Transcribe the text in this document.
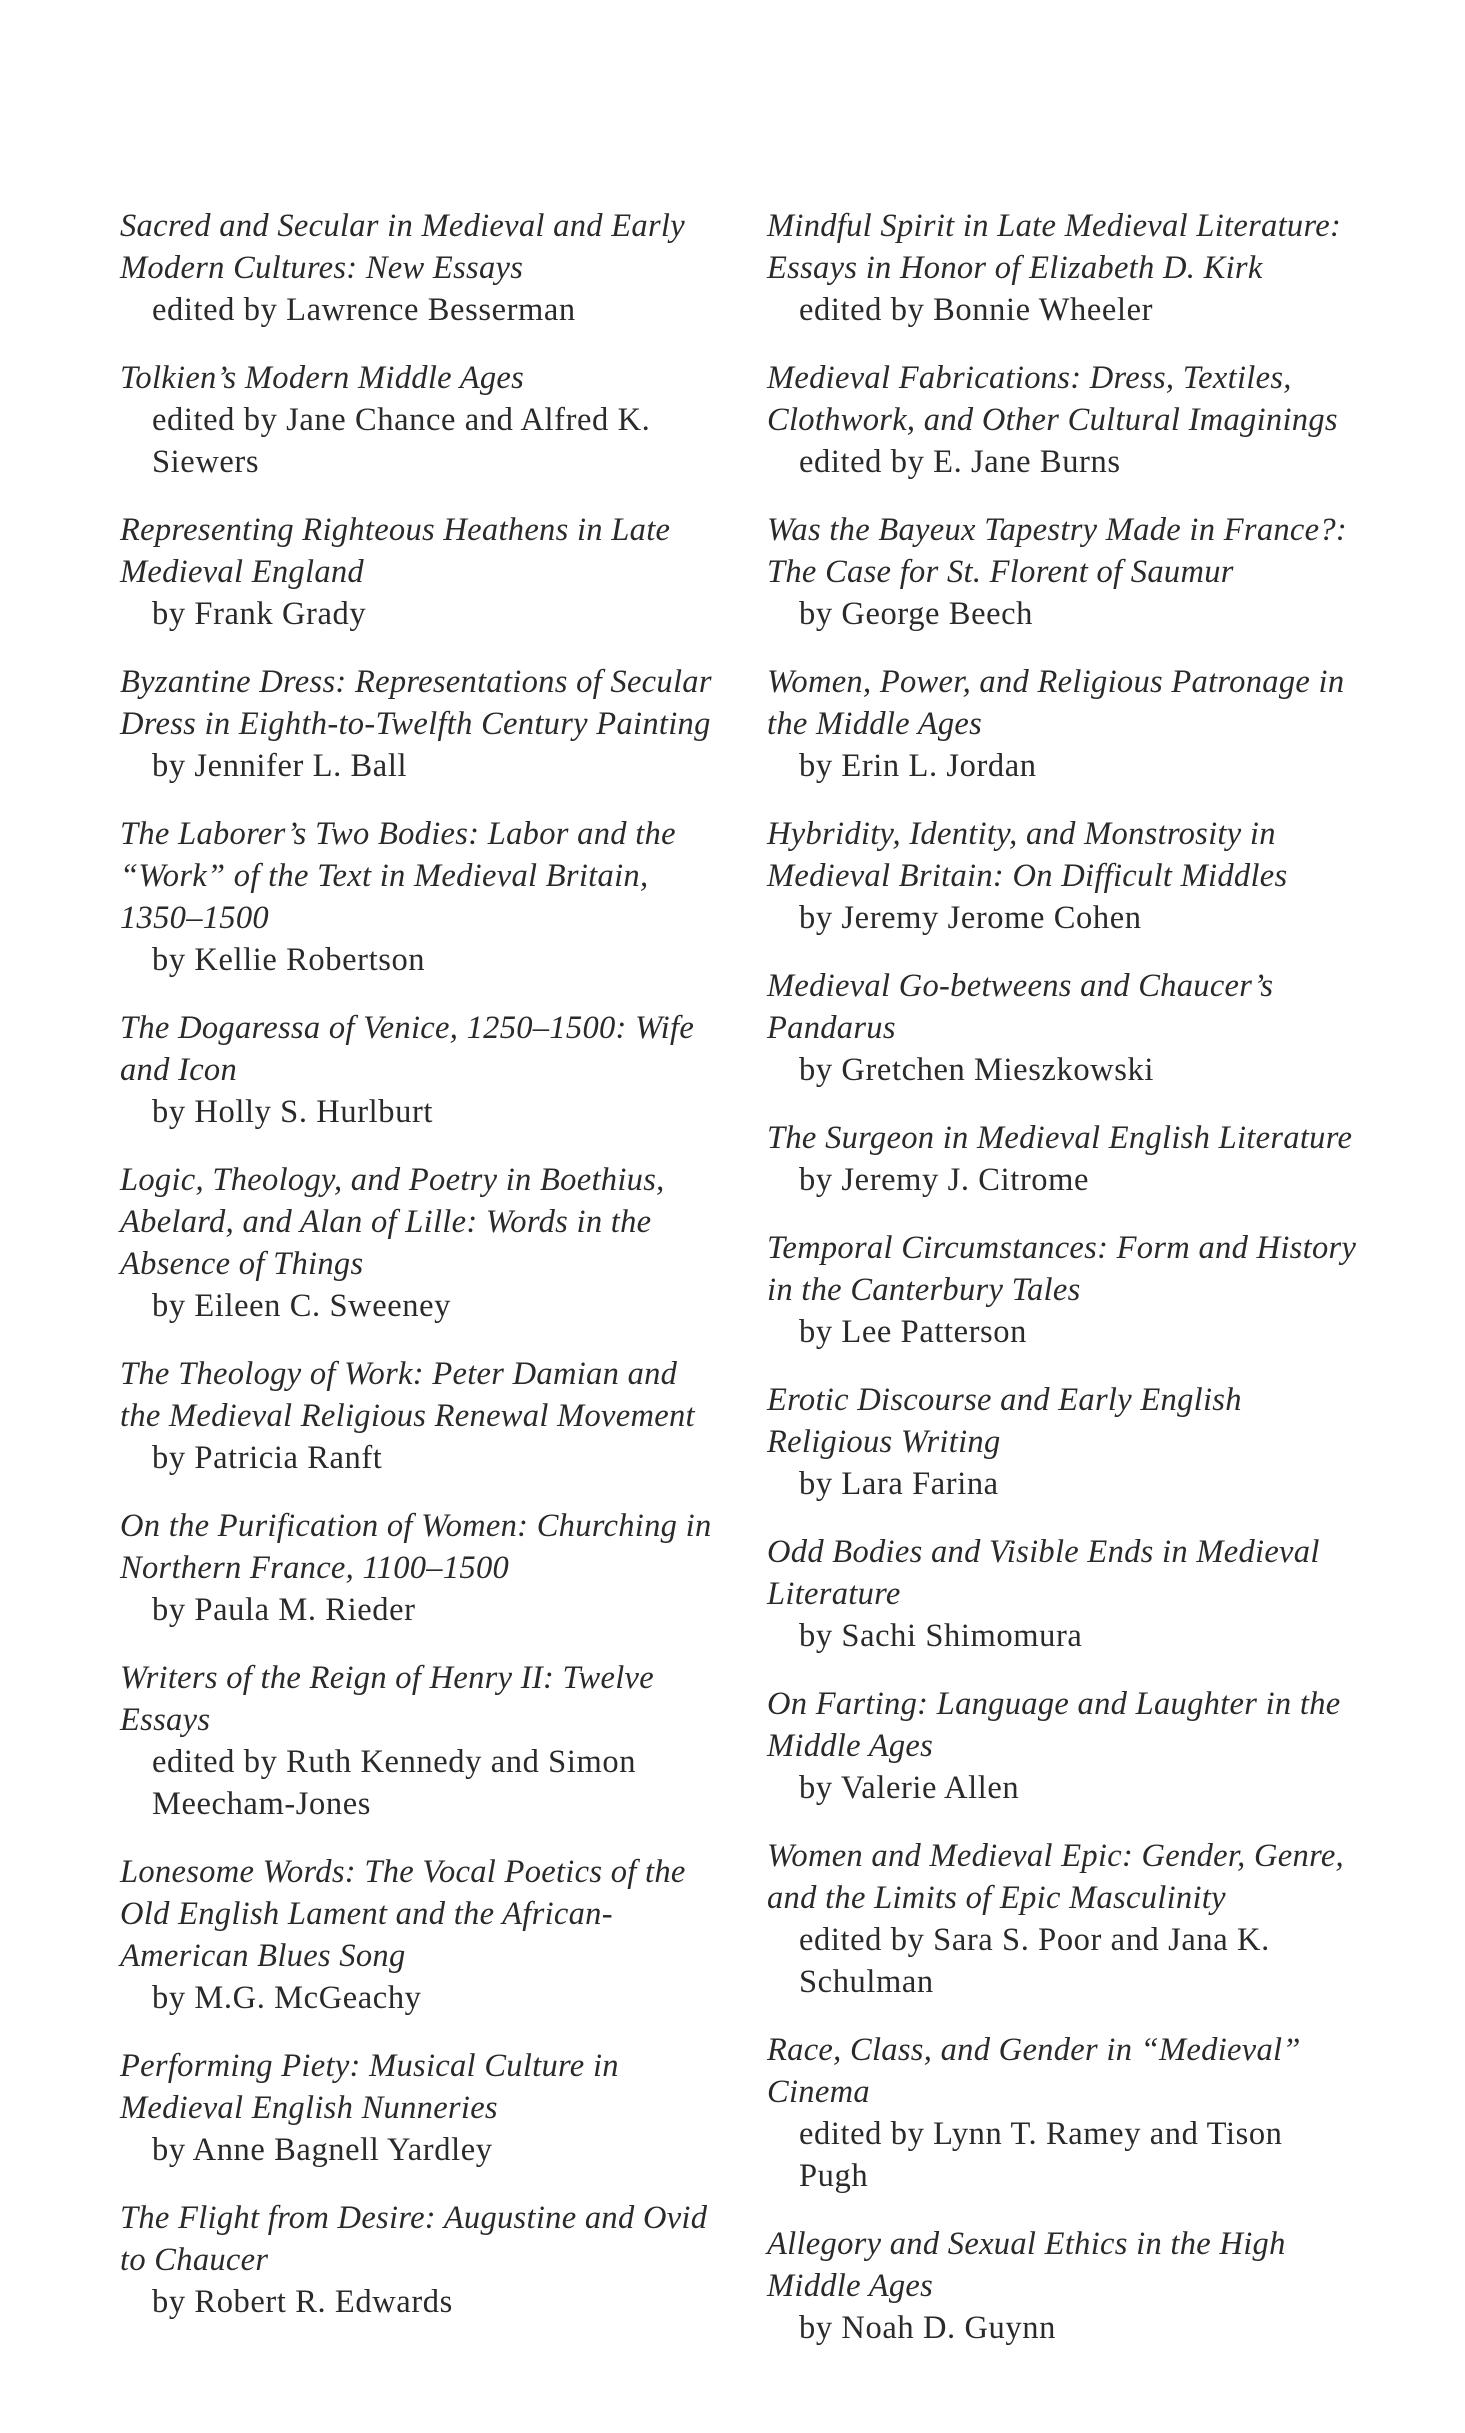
Sacred and Secular in Medieval and Early Modern Cultures: New Essays
edited by Lawrence Besserman
Tolkien’s Modern Middle Ages
edited by Jane Chance and Alfred K. Siewers
Representing Righteous Heathens in Late Medieval England
by Frank Grady
Byzantine Dress: Representations of Secular Dress in Eighth-to-Twelfth Century Painting
by Jennifer L. Ball
The Laborer’s Two Bodies: Labor and the “Work” of the Text in Medieval Britain, 1350–1500
by Kellie Robertson
The Dogaressa of Venice, 1250–1500: Wife and Icon
by Holly S. Hurlburt
Logic, Theology, and Poetry in Boethius, Abelard, and Alan of Lille: Words in the Absence of Things
by Eileen C. Sweeney
The Theology of Work: Peter Damian and the Medieval Religious Renewal Movement
by Patricia Ranft
On the Purification of Women: Churching in Northern France, 1100–1500
by Paula M. Rieder
Writers of the Reign of Henry II: Twelve Essays
edited by Ruth Kennedy and Simon Meecham-Jones
Lonesome Words: The Vocal Poetics of the Old English Lament and the African-American Blues Song
by M.G. McGeachy
Performing Piety: Musical Culture in Medieval English Nunneries
by Anne Bagnell Yardley
The Flight from Desire: Augustine and Ovid to Chaucer
by Robert R. Edwards
Mindful Spirit in Late Medieval Literature: Essays in Honor of Elizabeth D. Kirk
edited by Bonnie Wheeler
Medieval Fabrications: Dress, Textiles, Clothwork, and Other Cultural Imaginings
edited by E. Jane Burns
Was the Bayeux Tapestry Made in France?: The Case for St. Florent of Saumur
by George Beech
Women, Power, and Religious Patronage in the Middle Ages
by Erin L. Jordan
Hybridity, Identity, and Monstrosity in Medieval Britain: On Difficult Middles
by Jeremy Jerome Cohen
Medieval Go-betweens and Chaucer’s Pandarus
by Gretchen Mieszkowski
The Surgeon in Medieval English Literature
by Jeremy J. Citrome
Temporal Circumstances: Form and History in the Canterbury Tales
by Lee Patterson
Erotic Discourse and Early English Religious Writing
by Lara Farina
Odd Bodies and Visible Ends in Medieval Literature
by Sachi Shimomura
On Farting: Language and Laughter in the Middle Ages
by Valerie Allen
Women and Medieval Epic: Gender, Genre, and the Limits of Epic Masculinity
edited by Sara S. Poor and Jana K. Schulman
Race, Class, and Gender in “Medieval” Cinema
edited by Lynn T. Ramey and Tison Pugh
Allegory and Sexual Ethics in the High Middle Ages
by Noah D. Guynn
